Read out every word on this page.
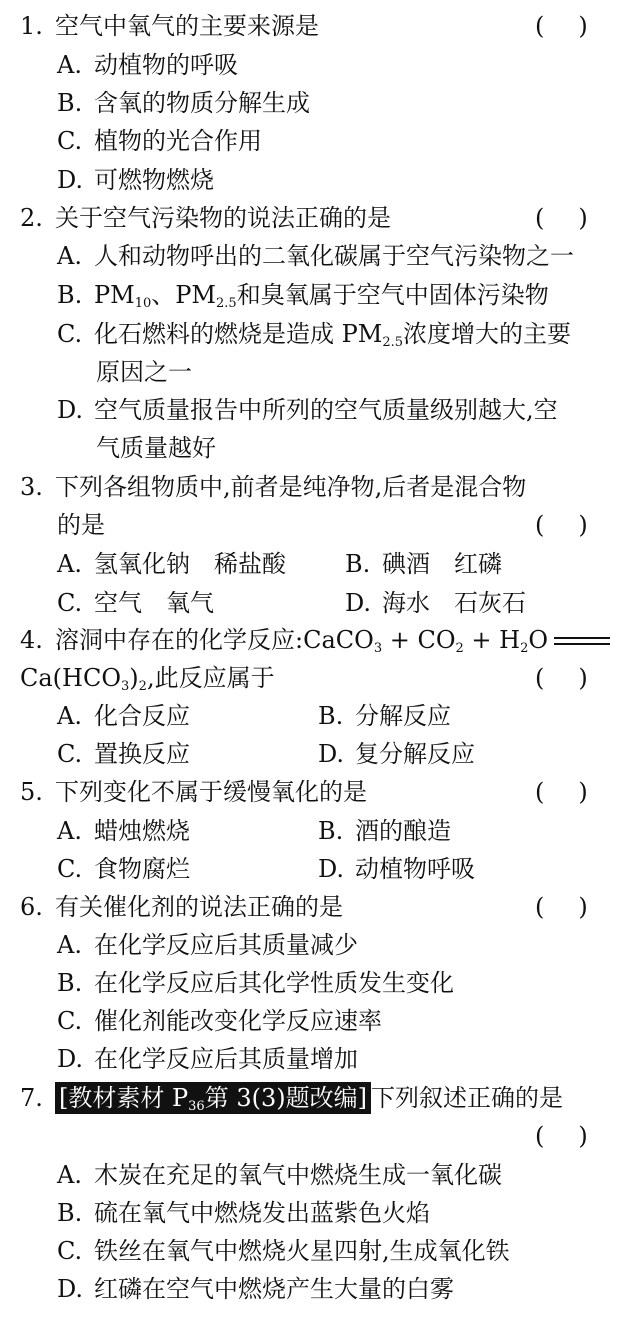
1. 空气中氧气的主要来源是	()
A. 动植物的呼吸
B. 含氧的物质分解生成
C. 植物的光合作用
D. 可燃物燃烧
2. 关于空气污染物的说法正确的是	()
A. 人和动物呼出的二氧化碳属于空气污染物之一
B. $PM_{10}$、$PM_{2.5}$和臭氧属于空气中固体污染物
C. 化石燃料的燃烧是造成 $PM_{2.5}$浓度增大的主要
原因之一
D. 空气质量报告中所列的空气质量级别越大,空
气质量越好
3. 下列各组物质中,前者是纯净物,后者是混合物
的是	()
A. 氢氧化钠　稀盐酸 B. 碘酒　红磷
C. 空气　氧气	D. 海水　石灰石
4. 溶洞中存在的化学反应:CaCO$_3$ + $CO_2 + H_2O$
$Ca(HCO_3)_2$,此反应属于	()
A. 化合反应	B. 分解反应
C. 置换反应	D. 复分解反应
5. 下列变化不属于缓慢氧化的是	()
A. 蜡烛燃烧	B. 酒的酿造
C. 食物腐烂	D. 动植物呼吸
6. 有关催化剂的说法正确的是	()
A. 在化学反应后其质量减少
B. 在化学反应后其化学性质发生变化
C. 催化剂能改变化学反应速率
D. 在化学反应后其质量增加
7. [教材素材 $P_{36}$第 3(3)题改编] 下列叙述正确的是
()
A. 木炭在充足的氧气中燃烧生成一氧化碳
B. 硫在氧气中燃烧发出蓝紫色火焰
C. 铁丝在氧气中燃烧火星四射,生成氧化铁
D. 红磷在空气中燃烧产生大量的白雾
